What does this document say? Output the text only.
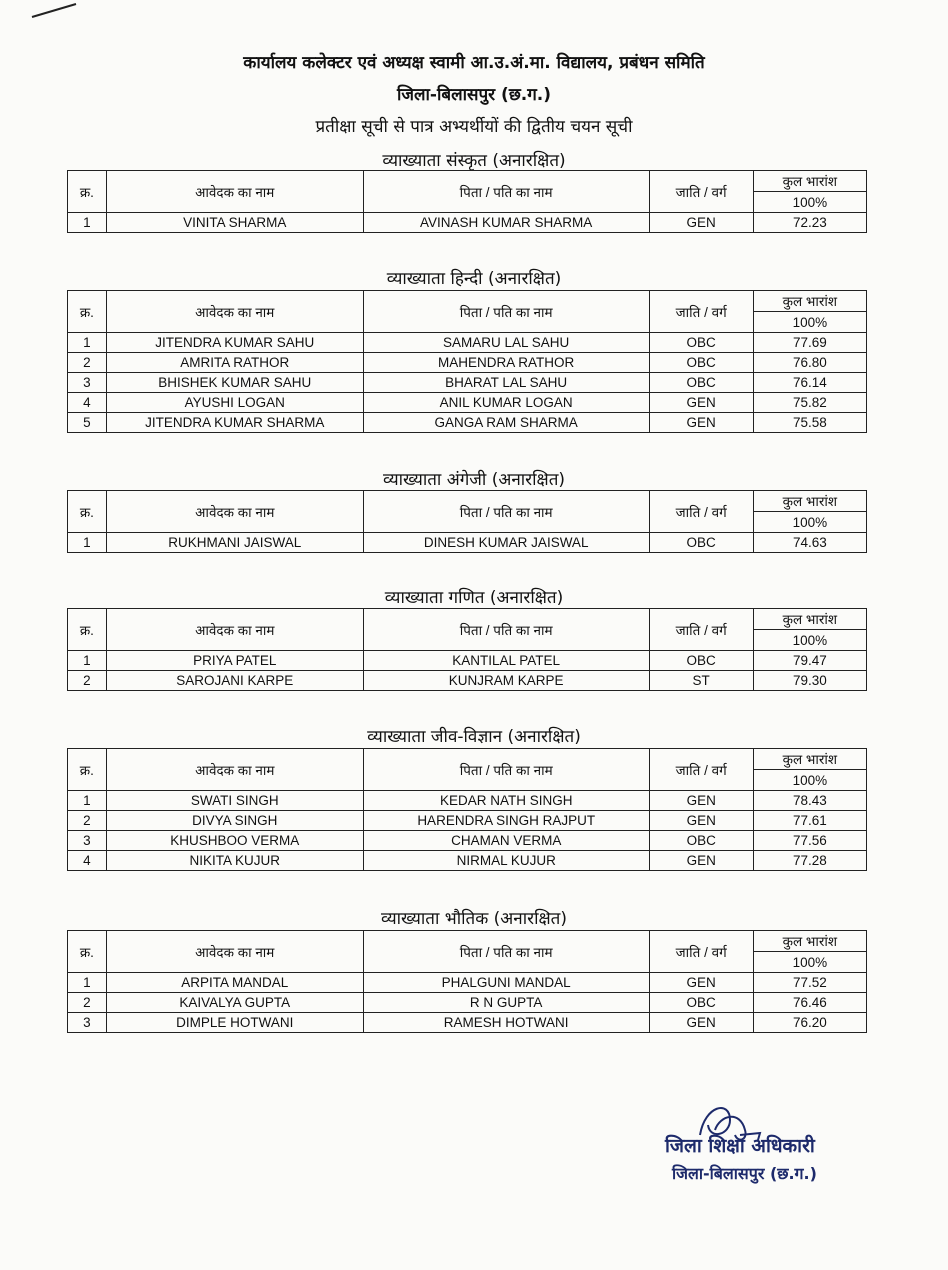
कार्यालय कलेक्टर एवं अध्यक्ष स्वामी आ.उ.अं.मा. विद्यालय, प्रबंधन समिति
जिला-बिलासपुर (छ.ग.)
प्रतीक्षा सूची से पात्र अभ्यर्थीयों की द्वितीय चयन सूची
व्याख्याता संस्कृत (अनारक्षित)
क्र.	आवेदक का नाम	पिता / पति का नाम	जाति / वर्ग	कुल भारांश
				100%
1	VINITA SHARMA	AVINASH KUMAR SHARMA	GEN	72.23
व्याख्याता हिन्दी (अनारक्षित)
क्र.	आवेदक का नाम	पिता / पति का नाम	जाति / वर्ग	कुल भारांश
				100%
1	JITENDRA KUMAR SAHU	SAMARU LAL SAHU	OBC	77.69
2	AMRITA RATHOR	MAHENDRA RATHOR	OBC	76.80
3	BHISHEK KUMAR SAHU	BHARAT LAL SAHU	OBC	76.14
4	AYUSHI LOGAN	ANIL KUMAR LOGAN	GEN	75.82
5	JITENDRA KUMAR SHARMA	GANGA RAM SHARMA	GEN	75.58
व्याख्याता अंगेजी (अनारक्षित)
क्र.	आवेदक का नाम	पिता / पति का नाम	जाति / वर्ग	कुल भारांश
				100%
1	RUKHMANI JAISWAL	DINESH KUMAR JAISWAL	OBC	74.63
व्याख्याता गणित (अनारक्षित)
क्र.	आवेदक का नाम	पिता / पति का नाम	जाति / वर्ग	कुल भारांश
				100%
1	PRIYA PATEL	KANTILAL PATEL	OBC	79.47
2	SAROJANI KARPE	KUNJRAM KARPE	ST	79.30
व्याख्याता जीव-विज्ञान (अनारक्षित)
क्र.	आवेदक का नाम	पिता / पति का नाम	जाति / वर्ग	कुल भारांश
				100%
1	SWATI SINGH	KEDAR NATH SINGH	GEN	78.43
2	DIVYA SINGH	HARENDRA SINGH RAJPUT	GEN	77.61
3	KHUSHBOO VERMA	CHAMAN VERMA	OBC	77.56
4	NIKITA KUJUR	NIRMAL KUJUR	GEN	77.28
व्याख्याता भौतिक (अनारक्षित)
क्र.	आवेदक का नाम	पिता / पति का नाम	जाति / वर्ग	कुल भारांश
				100%
1	ARPITA MANDAL	PHALGUNI MANDAL	GEN	77.52
2	KAIVALYA GUPTA	R N GUPTA	OBC	76.46
3	DIMPLE HOTWANI	RAMESH HOTWANI	GEN	76.20
जिला शिक्षा अधिकारी
जिला-बिलासपुर (छ.ग.)
